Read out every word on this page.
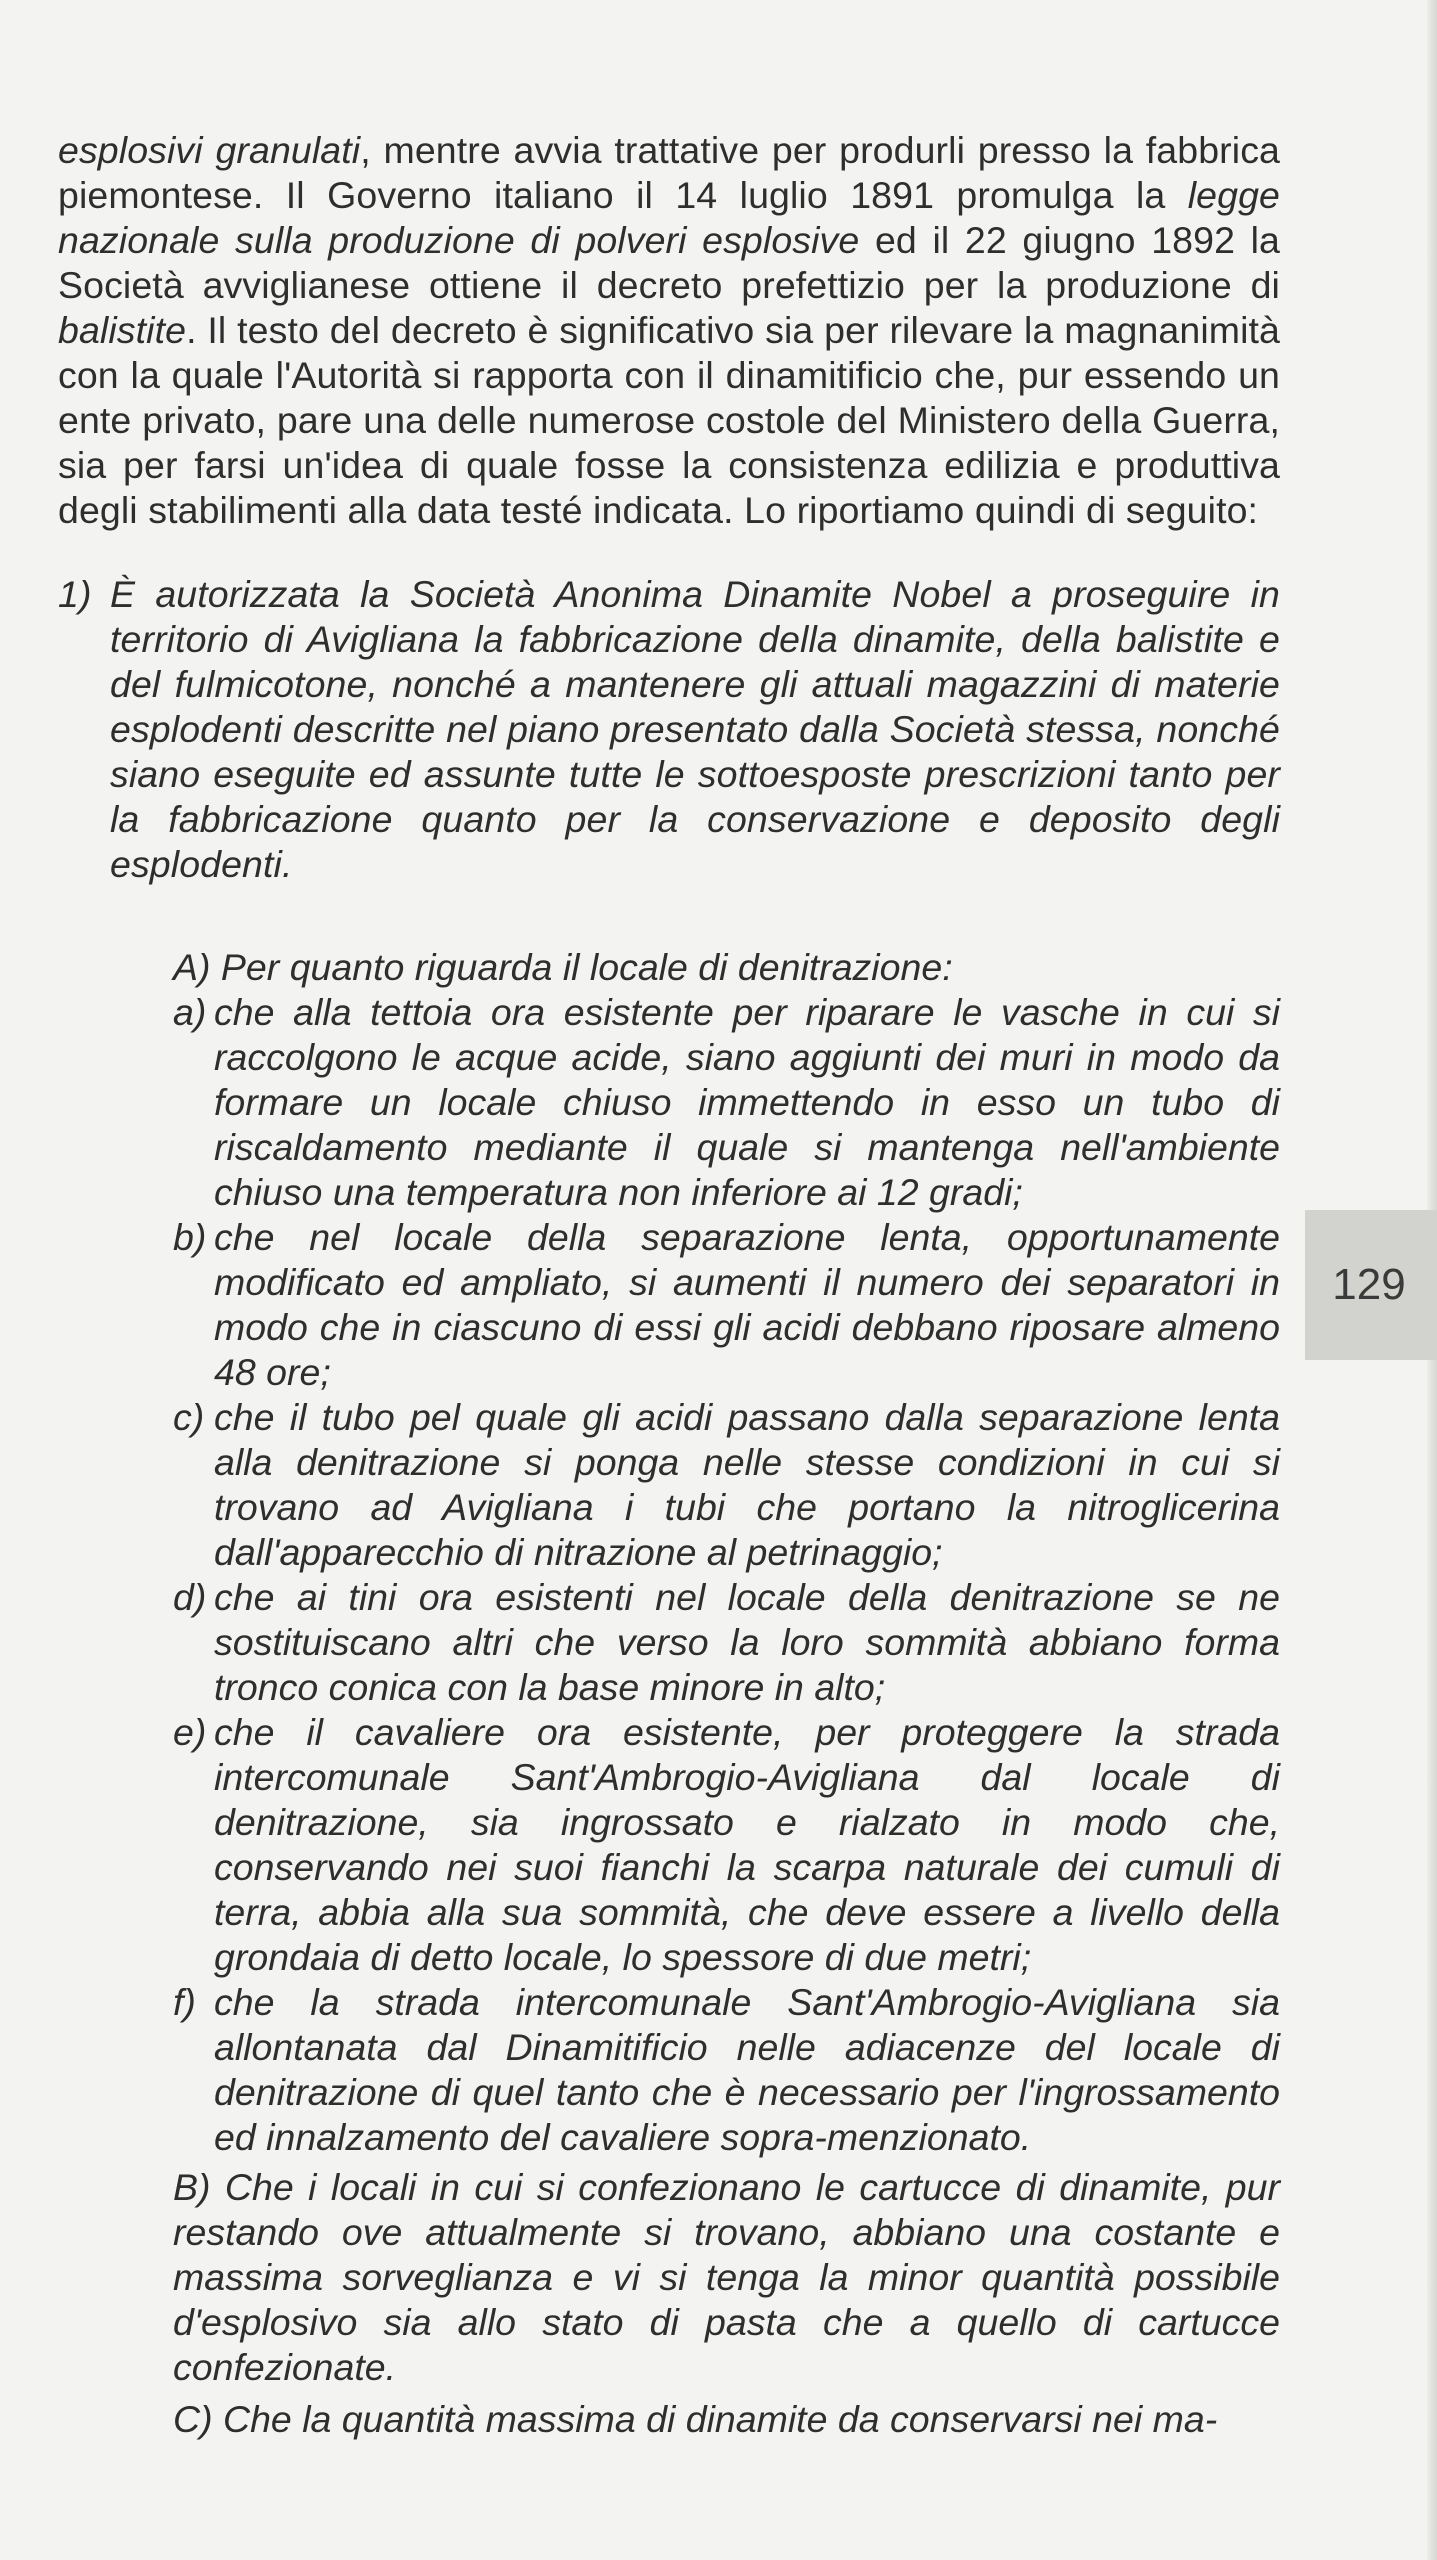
esplosivi granulati, mentre avvia trattative per produrli presso la fabbrica piemontese. Il Governo italiano il 14 luglio 1891 promulga la legge nazionale sulla produzione di polveri esplosive ed il 22 giugno 1892 la Società avviglianese ottiene il decreto prefettizio per la produzione di balistite. Il testo del decreto è significativo sia per rilevare la magnanimità con la quale l'Autorità si rapporta con il dinamitificio che, pur essendo un ente privato, pare una delle numerose costole del Ministero della Guerra, sia per farsi un'idea di quale fosse la consistenza edilizia e produttiva degli stabilimenti alla data testé indicata. Lo riportiamo quindi di seguito:

1) È autorizzata la Società Anonima Dinamite Nobel a proseguire in territorio di Avigliana la fabbricazione della dinamite, della balistite e del fulmicotone, nonché a mantenere gli attuali magazzini di materie esplodenti descritte nel piano presentato dalla Società stessa, nonché siano eseguite ed assunte tutte le sottoesposte prescrizioni tanto per la fabbricazione quanto per la conservazione e deposito degli esplodenti.

A) Per quanto riguarda il locale di denitrazione:

a) che alla tettoia ora esistente per riparare le vasche in cui si raccolgono le acque acide, siano aggiunti dei muri in modo da formare un locale chiuso immettendo in esso un tubo di riscaldamento mediante il quale si mantenga nell'ambiente chiuso una temperatura non inferiore ai 12 gradi;

b) che nel locale della separazione lenta, opportunamente modificato ed ampliato, si aumenti il numero dei separatori in modo che in ciascuno di essi gli acidi debbano riposare almeno 48 ore;

c) che il tubo pel quale gli acidi passano dalla separazione lenta alla denitrazione si ponga nelle stesse condizioni in cui si trovano ad Avigliana i tubi che portano la nitroglicerina dall'apparecchio di nitrazione al petrinaggio;

d) che ai tini ora esistenti nel locale della denitrazione se ne sostituiscano altri che verso la loro sommità abbiano forma tronco conica con la base minore in alto;

e) che il cavaliere ora esistente, per proteggere la strada intercomunale Sant'Ambrogio-Avigliana dal locale di denitrazione, sia ingrossato e rialzato in modo che, conservando nei suoi fianchi la scarpa naturale dei cumuli di terra, abbia alla sua sommità, che deve essere a livello della grondaia di detto locale, lo spessore di due metri;

f) che la strada intercomunale Sant'Ambrogio-Avigliana sia allontanata dal Dinamitificio nelle adiacenze del locale di denitrazione di quel tanto che è necessario per l'ingrossamento ed innalzamento del cavaliere sopra-menzionato.

B) Che i locali in cui si confezionano le cartucce di dinamite, pur restando ove attualmente si trovano, abbiano una costante e massima sorveglianza e vi si tenga la minor quantità possibile d'esplosivo sia allo stato di pasta che a quello di cartucce confezionate.
C) Che la quantità massima di dinamite da conservarsi nei ma-
129
